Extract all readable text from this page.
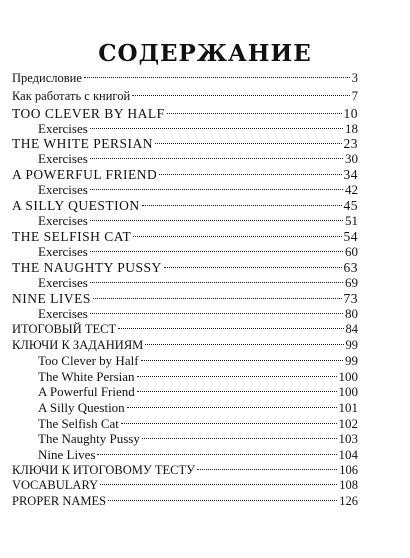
СОДЕРЖАНИЕ
Предисловие	3
Как работать с книгой	7
TOO CLEVER BY HALF	10
Exercises	18
THE WHITE PERSIAN	23
Exercises	30
A POWERFUL FRIEND	34
Exercises	42
A SILLY QUESTION	45
Exercises	51
THE SELFISH CAT	54
Exercises	60
THE NAUGHTY PUSSY	63
Exercises	69
NINE LIVES	73
Exercises	80
ИТОГОВЫЙ ТЕСТ	84
КЛЮЧИ К ЗАДАНИЯМ	99
Too Clever by Half	99
The White Persian	100
A Powerful Friend	100
A Silly Question	101
The Selfish Cat	102
The Naughty Pussy	103
Nine Lives	104
КЛЮЧИ К ИТОГОВОМУ ТЕСТУ	106
VOCABULARY	108
PROPER NAMES	126
